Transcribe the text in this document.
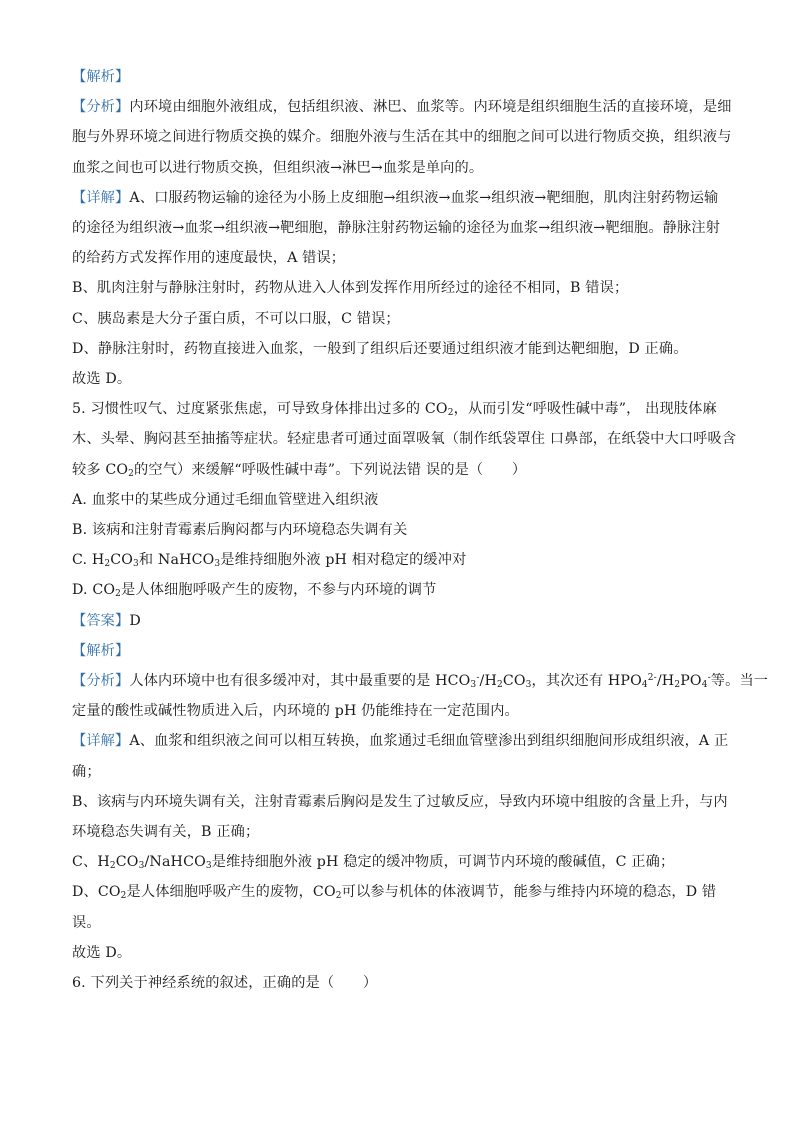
【解析】
【分析】内环境由细胞外液组成，包括组织液、淋巴、血浆等。内环境是组织细胞生活的直接环境，是细
胞与外界环境之间进行物质交换的媒介。细胞外液与生活在其中的细胞之间可以进行物质交换，组织液与
血浆之间也可以进行物质交换，但组织液→淋巴→血浆是单向的。
【详解】A、口服药物运输的途径为小肠上皮细胞→组织液→血浆→组织液→靶细胞，肌肉注射药物运输
的途径为组织液→血浆→组织液→靶细胞，静脉注射药物运输的途径为血浆→组织液→靶细胞。静脉注射
的给药方式发挥作用的速度最快，A 错误；
B、肌肉注射与静脉注射时，药物从进入人体到发挥作用所经过的途径不相同，B 错误；
C、胰岛素是大分子蛋白质，不可以口服，C 错误；
D、静脉注射时，药物直接进入血浆，一般到了组织后还要通过组织液才能到达靶细胞，D 正确。
故选 D。
5. 习惯性叹气、过度紧张焦虑，可导致身体排出过多的 $CO_2$，从而引发“呼吸性碱中毒”， 出现肢体麻
木、头晕、胸闷甚至抽搐等症状。轻症患者可通过面罩吸氧（制作纸袋罩住 口鼻部，在纸袋中大口呼吸含
较多 $CO_2$的空气）来缓解“呼吸性碱中毒”。下列说法错 误的是（　　）
A. 血浆中的某些成分通过毛细血管壁进入组织液
B. 该病和注射青霉素后胸闷都与内环境稳态失调有关
C. $H_2CO_3$和 NaHCO$_3$是维持细胞外液 pH 相对稳定的缓冲对
D. $CO_2$是人体细胞呼吸产生的废物，不参与内环境的调节
【答案】D
【解析】
【分析】人体内环境中也有很多缓冲对，其中最重要的是 $HCO_3^-/H_2CO_3$，其次还有 $HPO_4^{2-}/H_2PO_4^-$等。当一
定量的酸性或碱性物质进入后，内环境的 pH 仍能维持在一定范围内。
【详解】A、血浆和组织液之间可以相互转换，血浆通过毛细血管壁渗出到组织细胞间形成组织液，A 正
确；
B、该病与内环境失调有关，注射青霉素后胸闷是发生了过敏反应，导致内环境中组胺的含量上升，与内
环境稳态失调有关，B 正确；
C、$H_2CO_3/NaHCO_3$是维持细胞外液 pH 稳定的缓冲物质，可调节内环境的酸碱值，C 正确；
D、$CO_2$是人体细胞呼吸产生的废物，$CO_2$可以参与机体的体液调节，能参与维持内环境的稳态，D 错
误。
故选 D。
6. 下列关于神经系统的叙述，正确的是（　　）
